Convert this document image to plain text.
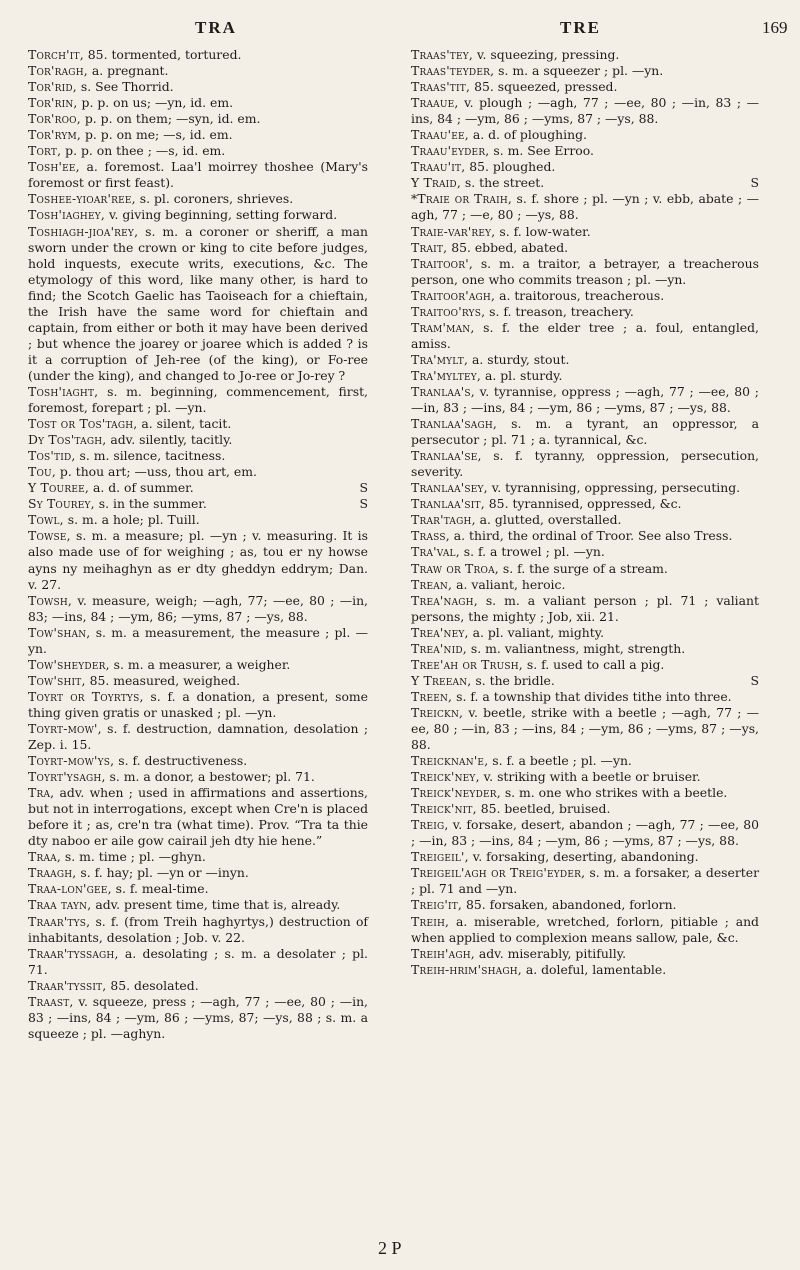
TRA	TRE	169

Torch'it, 85. tormented, tortured.

Tor'ragh, a. pregnant.

Tor'rid, s. See Thorrid.

Tor'rin, p. p. on us; —yn, id. em.

Tor'roo, p. p. on them; —syn, id. em.

Tor'rym, p. p. on me; —s, id. em.

Tort, p. p. on thee ; —s, id. em.

Tosh'ee, a. foremost. Laa'l moirrey thoshee (Mary's foremost or first feast).

Toshee-yioar'ree, s. pl. coroners, shrieves.

Tosh'iaghey, v. giving beginning, setting forward.

Toshiagh-jioa'rey, s. m. a coroner or sheriff, a man sworn under the crown or king to cite before judges, hold inquests, execute writs, executions, &c. The etymology of this word, like many other, is hard to find; the Scotch Gaelic has Taoiseach for a chieftain, the Irish have the same word for chieftain and captain, from either or both it may have been derived ; but whence the joarey or joaree which is added ? is it a corruption of Jeh-ree (of the king), or Fo-ree (under the king), and changed to Jo-ree or Jo-rey ?

Tosh'iaght, s. m. beginning, commencement, first, foremost, forepart ; pl. —yn.

Tost or Tos'tagh, a. silent, tacit.

Dy Tos'tagh, adv. silently, tacitly.

Tos'tid, s. m. silence, tacitness.

Tou, p. thou art; —uss, thou art, em.

S
Y Touree, a. d. of summer.

S
Sy Tourey, s. in the summer.

Towl, s. m. a hole; pl. Tuill.

Towse, s. m. a measure; pl. —yn ; v. measuring. It is also made use of for weighing ; as, tou er ny howse ayns ny meihaghyn as er dty gheddyn eddrym; Dan. v. 27.

Towsh, v. measure, weigh; —agh, 77; —ee, 80 ; —in, 83; —ins, 84 ; —ym, 86; —yms, 87 ; —ys, 88.

Tow'shan, s. m. a measurement, the measure ; pl. —yn.

Tow'sheyder, s. m. a measurer, a weigher.

Tow'shit, 85. measured, weighed.

Toyrt or Toyrtys, s. f. a donation, a present, some thing given gratis or unasked ; pl. —yn.

Toyrt-mow', s. f. destruction, damnation, desolation ; Zep. i. 15.

Toyrt-mow'ys, s. f. destructiveness.

Toyrt'ysagh, s. m. a donor, a bestower; pl. 71.

Tra, adv. when ; used in affirmations and assertions, but not in interrogations, except when Cre'n is placed before it ; as, cre'n tra (what time). Prov. “Tra ta thie dty naboo er aile gow cairail jeh dty hie hene.”

Traa, s. m. time ; pl. —ghyn.

Traagh, s. f. hay; pl. —yn or —inyn.

Traa-lon'gee, s. f. meal-time.

Traa tayn, adv. present time, time that is, already.

Traar'tys, s. f. (from Treih haghyrtys,) destruction of inhabitants, desolation ; Job. v. 22.

Traar'tyssagh, a. desolating ; s. m. a desolater ; pl. 71.

Traar'tyssit, 85. desolated.

Traast, v. squeeze, press ; —agh, 77 ; —ee, 80 ; —in, 83 ; —ins, 84 ; —ym, 86 ; —yms, 87; —ys, 88 ; s. m. a squeeze ; pl. —aghyn.

Traas'tey, v. squeezing, pressing.

Traas'teyder, s. m. a squeezer ; pl. —yn.

Traas'tit, 85. squeezed, pressed.

Traaue, v. plough ; —agh, 77 ; —ee, 80 ; —in, 83 ; —ins, 84 ; —ym, 86 ; —yms, 87 ; —ys, 88.

Traau'ee, a. d. of ploughing.

Traau'eyder, s. m. See Erroo.

Traau'it, 85. ploughed.

S
Y Traid, s. the street.

*Traie or Traih, s. f. shore ; pl. —yn ; v. ebb, abate ; —agh, 77 ; —e, 80 ; —ys, 88.

Traie-var'rey, s. f. low-water.

Trait, 85. ebbed, abated.

Traitoor', s. m. a traitor, a betrayer, a treacherous person, one who commits treason ; pl. —yn.

Traitoor'agh, a. traitorous, treacherous.

Traitoo'rys, s. f. treason, treachery.

Tram'man, s. f. the elder tree ; a. foul, entangled, amiss.

Tra'mylt, a. sturdy, stout.

Tra'myltey, a. pl. sturdy.

Tranlaa's, v. tyrannise, oppress ; —agh, 77 ; —ee, 80 ; —in, 83 ; —ins, 84 ; —ym, 86 ; —yms, 87 ; —ys, 88.

Tranlaa'sagh, s. m. a tyrant, an oppressor, a persecutor ; pl. 71 ; a. tyrannical, &c.

Tranlaa'se, s. f. tyranny, oppression, persecution, severity.

Tranlaa'sey, v. tyrannising, oppressing, persecuting.

Tranlaa'sit, 85. tyrannised, oppressed, &c.

Trar'tagh, a. glutted, overstalled.

Trass, a. third, the ordinal of Troor. See also Tress.

Tra'val, s. f. a trowel ; pl. —yn.

Traw or Troa, s. f. the surge of a stream.

Trean, a. valiant, heroic.

Trea'nagh, s. m. a valiant person ; pl. 71 ; valiant persons, the mighty ; Job, xii. 21.

Trea'ney, a. pl. valiant, mighty.

Trea'nid, s. m. valiantness, might, strength.

Tree'ah or Trush, s. f. used to call a pig.

S
Y Treean, s. the bridle.

Treen, s. f. a township that divides tithe into three.

Treickn, v. beetle, strike with a beetle ; —agh, 77 ; —ee, 80 ; —in, 83 ; —ins, 84 ; —ym, 86 ; —yms, 87 ; —ys, 88.

Treicknan'e, s. f. a beetle ; pl. —yn.

Treick'ney, v. striking with a beetle or bruiser.

Treick'neyder, s. m. one who strikes with a beetle.

Treick'nit, 85. beetled, bruised.

Treig, v. forsake, desert, abandon ; —agh, 77 ; —ee, 80 ; —in, 83 ; —ins, 84 ; —ym, 86 ; —yms, 87 ; —ys, 88.

Treigeil', v. forsaking, deserting, abandoning.

Treigeil'agh or Treig'eyder, s. m. a forsaker, a deserter ; pl. 71 and —yn.

Treig'it, 85. forsaken, abandoned, forlorn.

Treih, a. miserable, wretched, forlorn, pitiable ; and when applied to complexion means sallow, pale, &c.

Treih'agh, adv. miserably, pitifully.

Treih-hrim'shagh, a. doleful, lamentable.

2 P
